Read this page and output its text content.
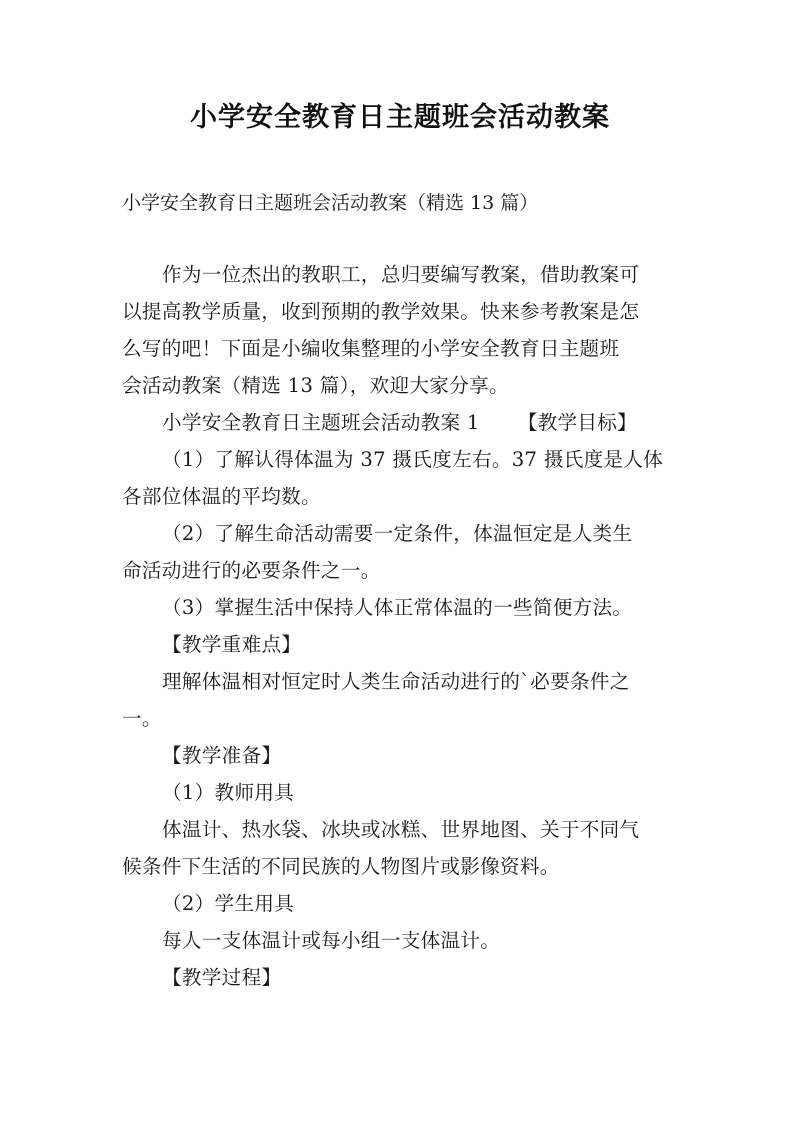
小学安全教育日主题班会活动教案
小学安全教育日主题班会活动教案（精选 13 篇）
作为一位杰出的教职工，总归要编写教案，借助教案可
以提高教学质量，收到预期的教学效果。快来参考教案是怎
么写的吧！下面是小编收集整理的小学安全教育日主题班
会活动教案（精选 13 篇），欢迎大家分享。
小学安全教育日主题班会活动教案 1 【教学目标】
（1）了解认得体温为 37 摄氏度左右。37 摄氏度是人体
各部位体温的平均数。
（2）了解生命活动需要一定条件，体温恒定是人类生
命活动进行的必要条件之一。
（3）掌握生活中保持人体正常体温的一些简便方法。
【教学重难点】
理解体温相对恒定时人类生命活动进行的`必要条件之
一。
【教学准备】
（1）教师用具
体温计、热水袋、冰块或冰糕、世界地图、关于不同气
候条件下生活的不同民族的人物图片或影像资料。
（2）学生用具
每人一支体温计或每小组一支体温计。
【教学过程】
